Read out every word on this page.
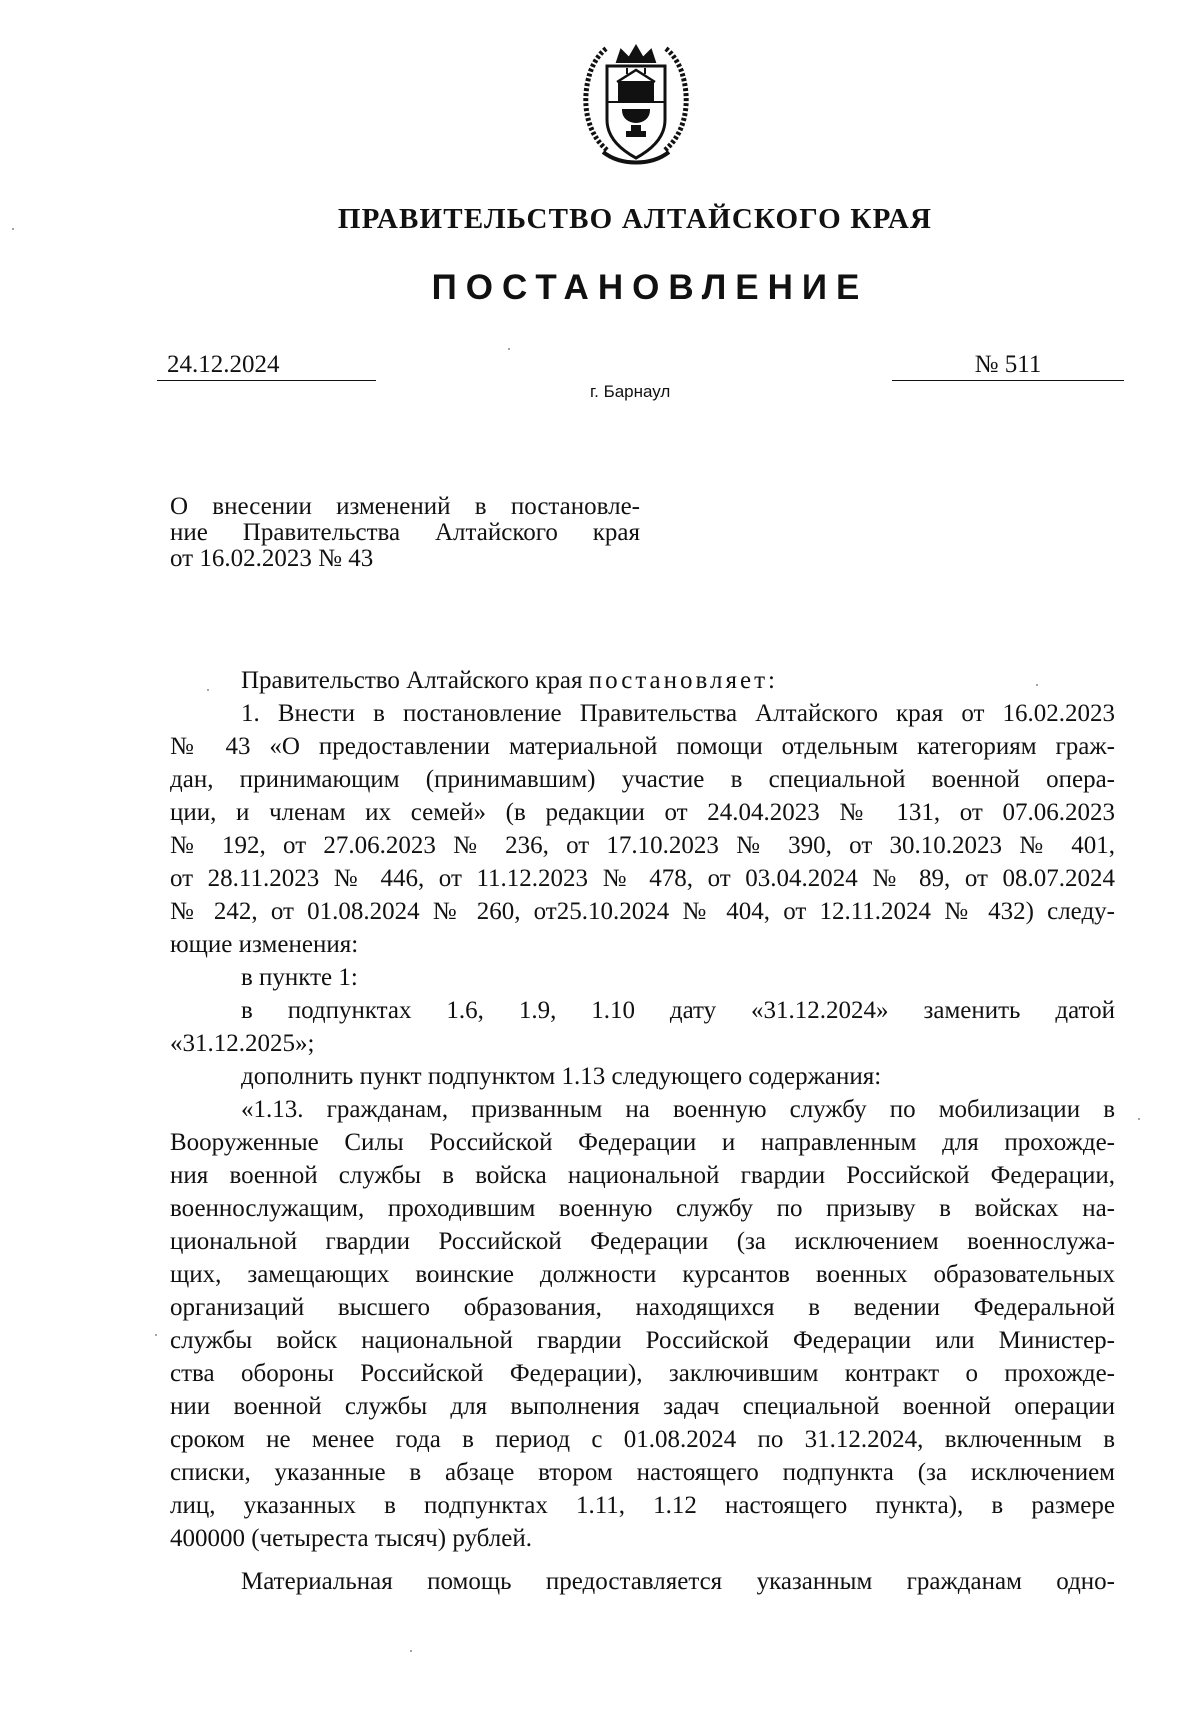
ПРАВИТЕЛЬСТВО АЛТАЙСКОГО КРАЯ
ПОСТАНОВЛЕНИЕ
24.12.2024	№ 511
г. Барнаул
О внесении изменений в постановле-
ние Правительства Алтайского края
от 16.02.2023 № 43
Правительство Алтайского края постановляет:
1. Внести в постановление Правительства Алтайского края от 16.02.2023
№ 43 «О предоставлении материальной помощи отдельным категориям граж-
дан, принимающим (принимавшим) участие в специальной военной опера-
ции, и членам их семей» (в редакции от 24.04.2023 № 131, от 07.06.2023
№ 192, от 27.06.2023 № 236, от 17.10.2023 № 390, от 30.10.2023 № 401,
от 28.11.2023 № 446, от 11.12.2023 № 478, от 03.04.2024 № 89, от 08.07.2024
№ 242, от 01.08.2024 № 260, от25.10.2024 № 404, от 12.11.2024 № 432) следу-
ющие изменения:
в пункте 1:
в подпунктах 1.6, 1.9, 1.10 дату «31.12.2024» заменить датой
«31.12.2025»;
дополнить пункт подпунктом 1.13 следующего содержания:
«1.13. гражданам, призванным на военную службу по мобилизации в
Вооруженные Силы Российской Федерации и направленным для прохожде-
ния военной службы в войска национальной гвардии Российской Федерации,
военнослужащим, проходившим военную службу по призыву в войсках на-
циональной гвардии Российской Федерации (за исключением военнослужа-
щих, замещающих воинские должности курсантов военных образовательных
организаций высшего образования, находящихся в ведении Федеральной
службы войск национальной гвардии Российской Федерации или Министер-
ства обороны Российской Федерации), заключившим контракт о прохожде-
нии военной службы для выполнения задач специальной военной операции
сроком не менее года в период с 01.08.2024 по 31.12.2024, включенным в
списки, указанные в абзаце втором настоящего подпункта (за исключением
лиц, указанных в подпунктах 1.11, 1.12 настоящего пункта), в размере
400000 (четыреста тысяч) рублей.
Материальная помощь предоставляется указанным гражданам одно-
